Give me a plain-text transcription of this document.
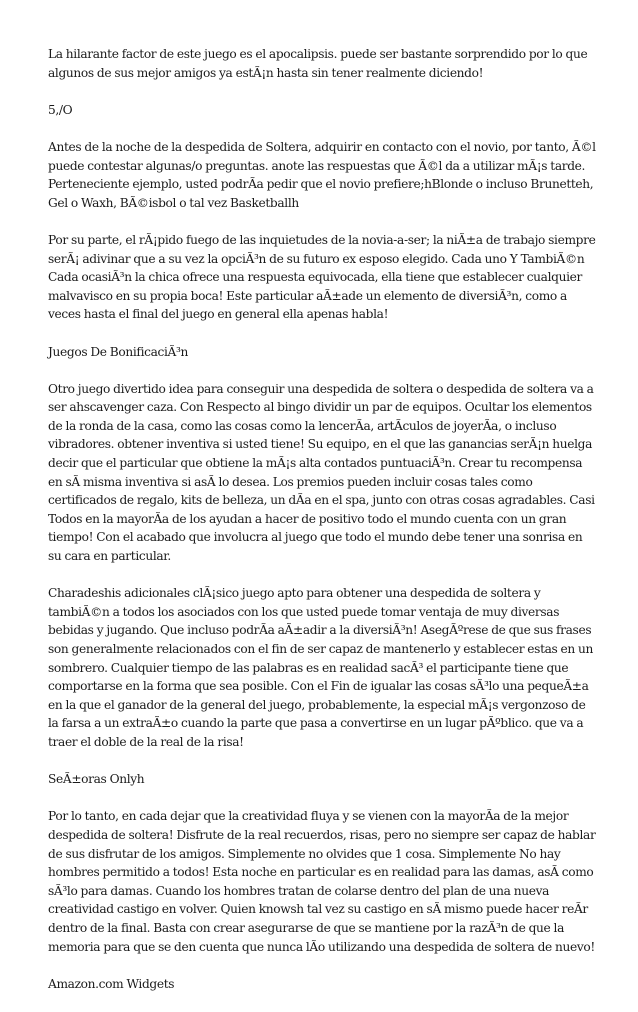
La hilarante factor de este juego es el apocalipsis. puede ser bastante sorprendido por lo que algunos de sus mejor amigos ya estÃ¡n hasta sin tener realmente diciendo!

5,/O

Antes de la noche de la despedida de Soltera, adquirir en contacto con el novio, por tanto, Ã©l puede contestar algunas/o preguntas. anote las respuestas que Ã©l da a utilizar mÃ¡s tarde. Perteneciente ejemplo, usted podrÃa pedir que el novio prefiere;hBlonde o incluso Brunetteh, Gel o Waxh, BÃ©isbol o tal vez Basketballh

Por su parte, el rÃ¡pido fuego de las inquietudes de la novia-a-ser; la niÃ±a de trabajo siempre serÃ¡ adivinar que a su vez la opciÃ³n de su futuro ex esposo elegido. Cada uno Y TambiÃ©n Cada ocasiÃ³n la chica ofrece una respuesta equivocada, ella tiene que establecer cualquier malvavisco en su propia boca! Este particular aÃ±ade un elemento de diversiÃ³n, como a veces hasta el final del juego en general ella apenas habla!

Juegos De BonificaciÃ³n

Otro juego divertido idea para conseguir una despedida de soltera o despedida de soltera va a ser ahscavenger caza. Con Respecto al bingo dividir un par de equipos. Ocultar los elementos de la ronda de la casa, como las cosas como la lencerÃa, artÃculos de joyerÃa, o incluso vibradores. obtener inventiva si usted tiene! Su equipo, en el que las ganancias serÃ¡n huelga decir que el particular que obtiene la mÃ¡s alta contados puntuaciÃ³n. Crear tu recompensa en sÃ misma inventiva si asÃ lo desea. Los premios pueden incluir cosas tales como certificados de regalo, kits de belleza, un dÃa en el spa, junto con otras cosas agradables. Casi Todos en la mayorÃa de los ayudan a hacer de positivo todo el mundo cuenta con un gran tiempo! Con el acabado que involucra al juego que todo el mundo debe tener una sonrisa en su cara en particular.

Charadeshis adicionales clÃ¡sico juego apto para obtener una despedida de soltera y tambiÃ©n a todos los asociados con los que usted puede tomar ventaja de muy diversas bebidas y jugando. Que incluso podrÃa aÃ±adir a la diversiÃ³n! AsegÃºrese de que sus frases son generalmente relacionados con el fin de ser capaz de mantenerlo y establecer estas en un sombrero. Cualquier tiempo de las palabras es en realidad sacÃ³ el participante tiene que comportarse en la forma que sea posible. Con el Fin de igualar las cosas sÃ³lo una pequeÃ±a en la que el ganador de la general del juego, probablemente, la especial mÃ¡s vergonzoso de la farsa a un extraÃ±o cuando la parte que pasa a convertirse en un lugar pÃºblico. que va a traer el doble de la real de la risa!

SeÃ±oras Onlyh

Por lo tanto, en cada dejar que la creatividad fluya y se vienen con la mayorÃa de la mejor despedida de soltera! Disfrute de la real recuerdos, risas, pero no siempre ser capaz de hablar de sus disfrutar de los amigos. Simplemente no olvides que 1 cosa. Simplemente No hay hombres permitido a todos! Esta noche en particular es en realidad para las damas, asÃ como sÃ³lo para damas. Cuando los hombres tratan de colarse dentro del plan de una nueva creatividad castigo en volver. Quien knowsh tal vez su castigo en sÃ mismo puede hacer reÃr dentro de la final. Basta con crear asegurarse de que se mantiene por la razÃ³n de que la memoria para que se den cuenta que nunca lÃo utilizando una despedida de soltera de nuevo!

Amazon.com Widgets
